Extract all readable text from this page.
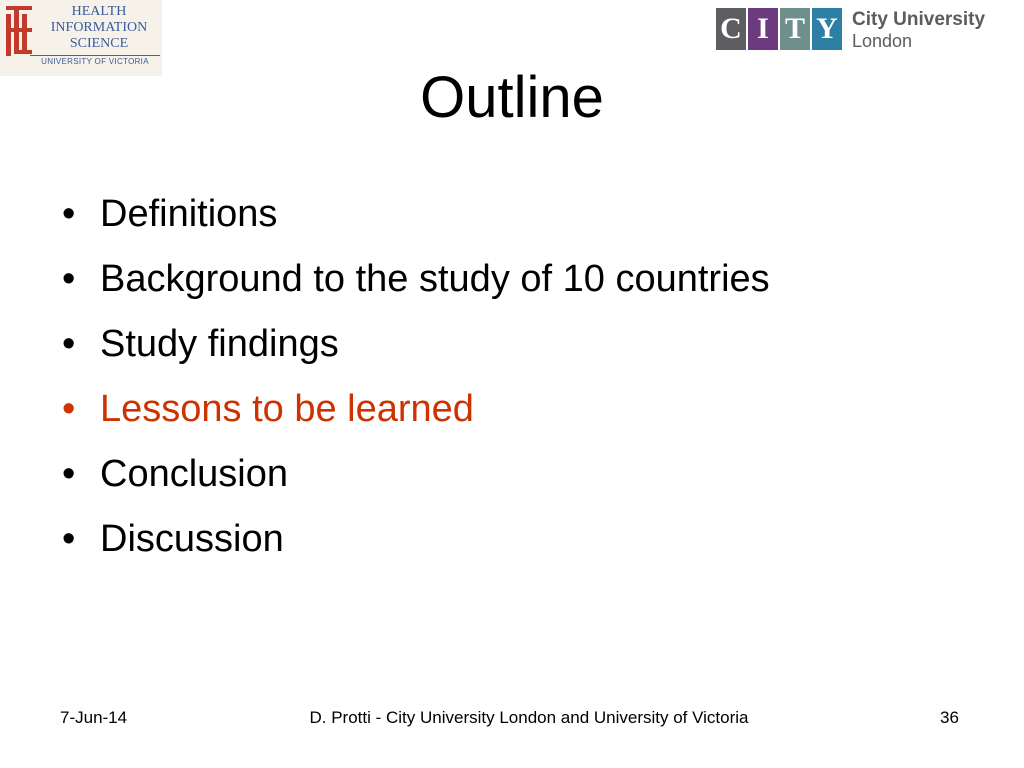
HEALTH
INFORMATION
SCIENCE
UNIVERSITY OF VICTORIA
C I T Y City University
London
Outline
• Definitions
• Background to the study of 10 countries
• Study findings
• Lessons to be learned
• Conclusion
• Discussion
7-Jun-14	D. Protti - City University London and University of Victoria	36
